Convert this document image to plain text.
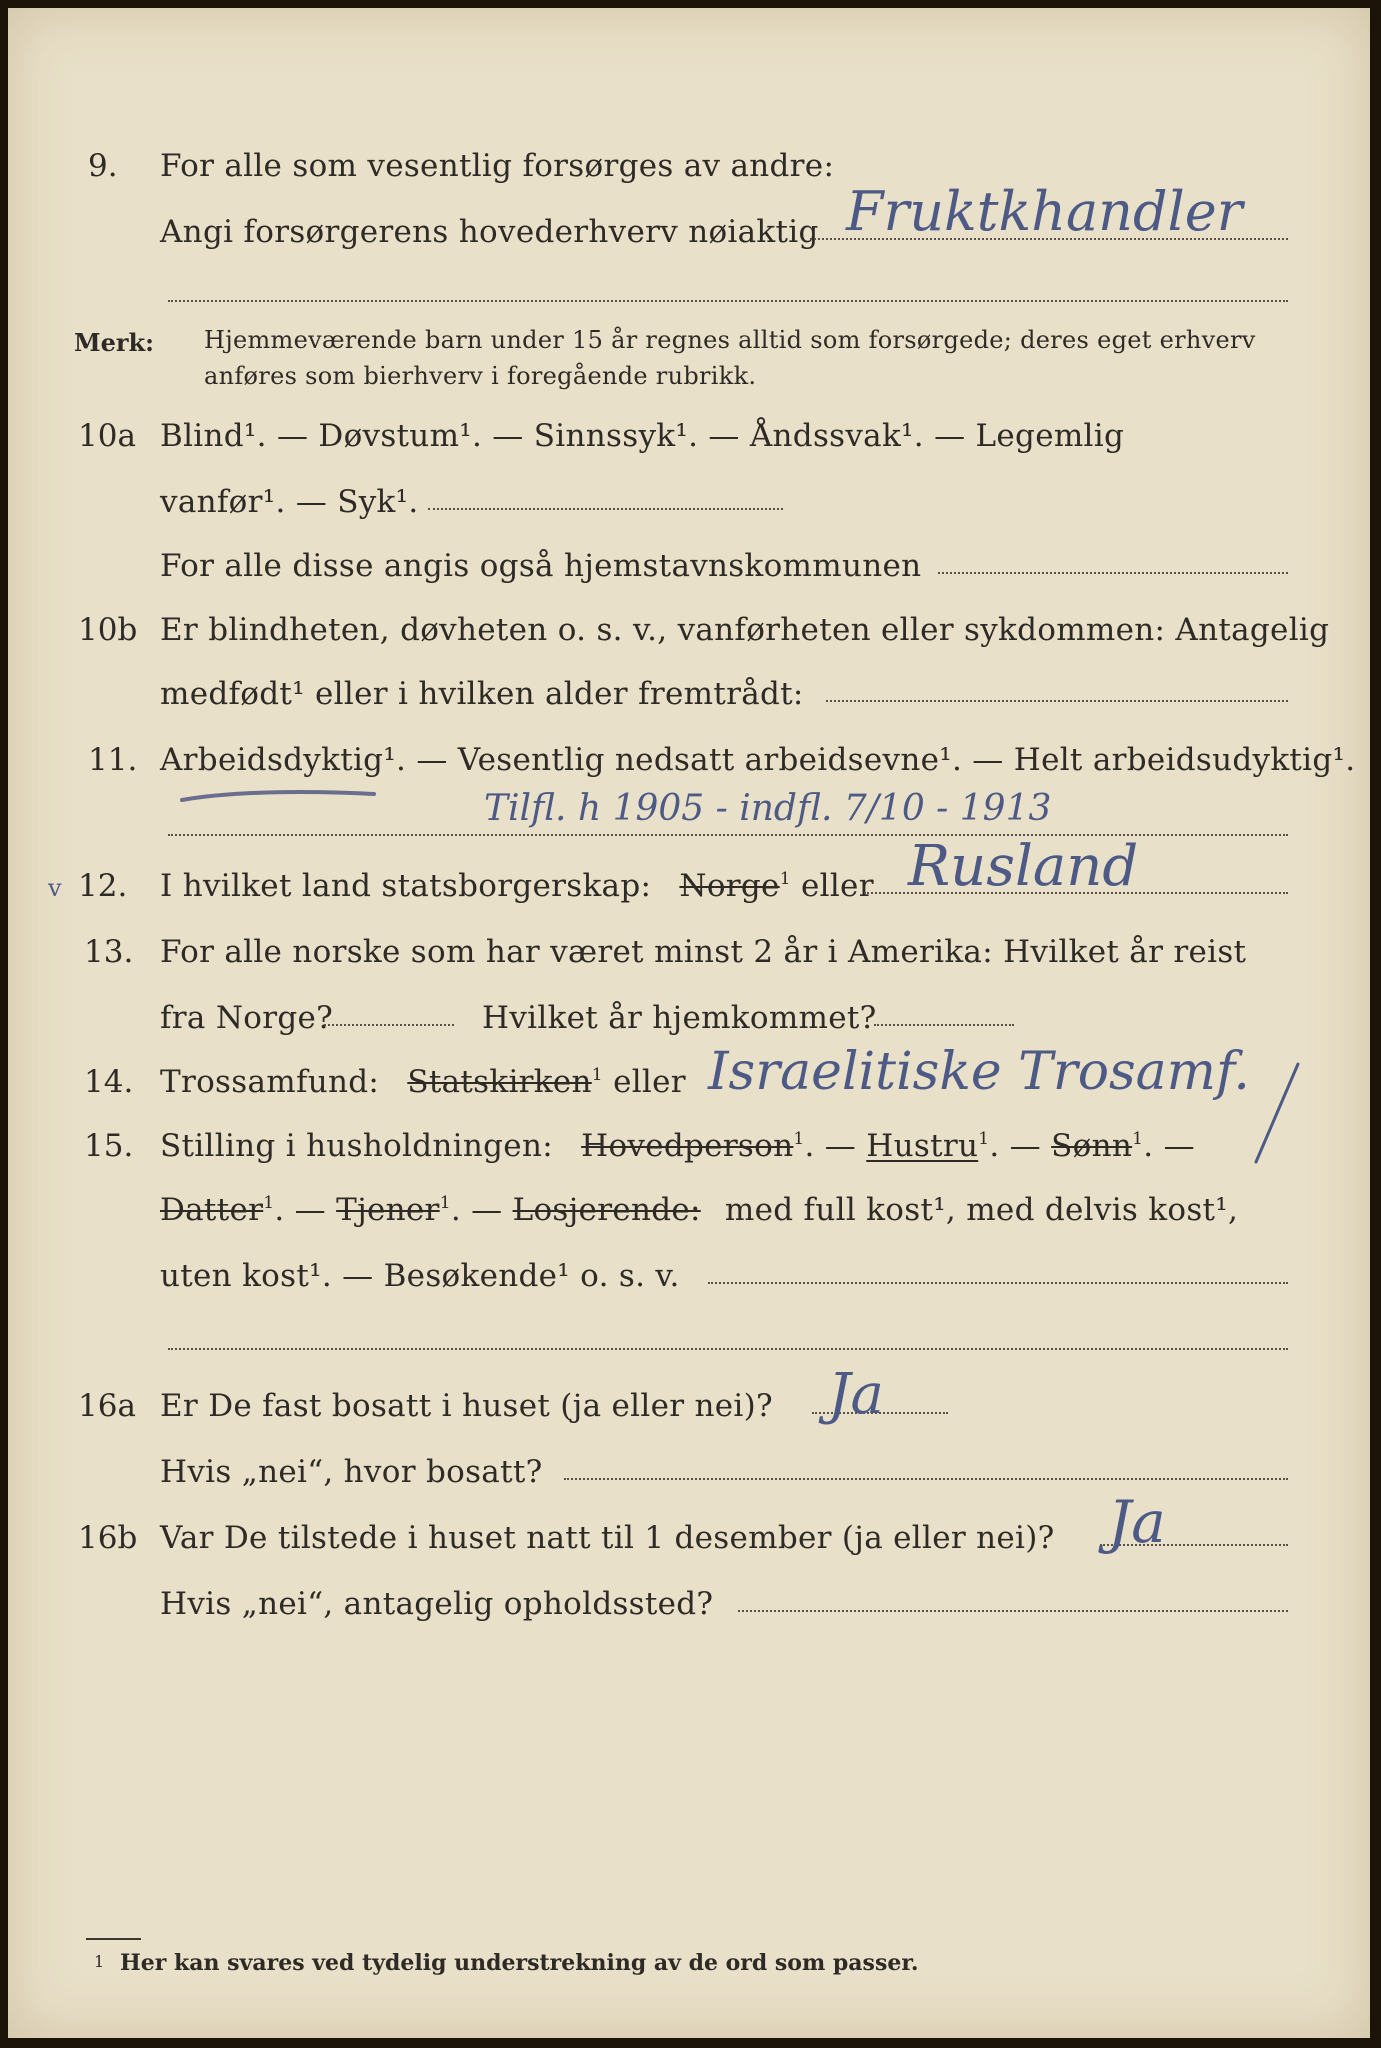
9. For alle som vesentlig forsørges av andre:
Angi forsørgerens hovederhverv nøiaktig Fruktkhandler
Merk: Hjemmeværende barn under 15 år regnes alltid som forsørgede; deres eget erhverv
anføres som bierhverv i foregående rubrikk.
10a Blind¹. — Døvstum¹. — Sinnssyk¹. — Åndssvak¹. — Legemlig
vanfør¹. — Syk¹.
For alle disse angis også hjemstavnskommunen
10b Er blindheten, døvheten o. s. v., vanførheten eller sykdommen: Antagelig
medfødt¹ eller i hvilken alder fremtrådt:
11. Arbeidsdyktig¹. — Vesentlig nedsatt arbeidsevne¹. — Helt arbeidsudyktig¹.
Tilfl. h 1905 - indfl. 7/10 - 1913
v 12. I hvilket land statsborgerskap: Norge$^1$ eller Rusland
13. For alle norske som har været minst 2 år i Amerika: Hvilket år reist
fra Norge?	Hvilket år hjemkommet?
14. Trossamfund: Statskirken$^1$ eller Israelitiske Trosamf.
15. Stilling i husholdningen: Hovedperson$^1$. — Hustru$^1$. — Sønn$^1$. —
Datter$^1$. — Tjener$^1$. — Losjerende: med full kost¹, med delvis kost¹,
uten kost¹. — Besøkende¹ o. s. v.
16a Er De fast bosatt i huset (ja eller nei)? Ja
Hvis „nei“, hvor bosatt?
16b Var De tilstede i huset natt til 1 desember (ja eller nei)? Ja
Hvis „nei“, antagelig opholdssted?
1 Her kan svares ved tydelig understrekning av de ord som passer.
